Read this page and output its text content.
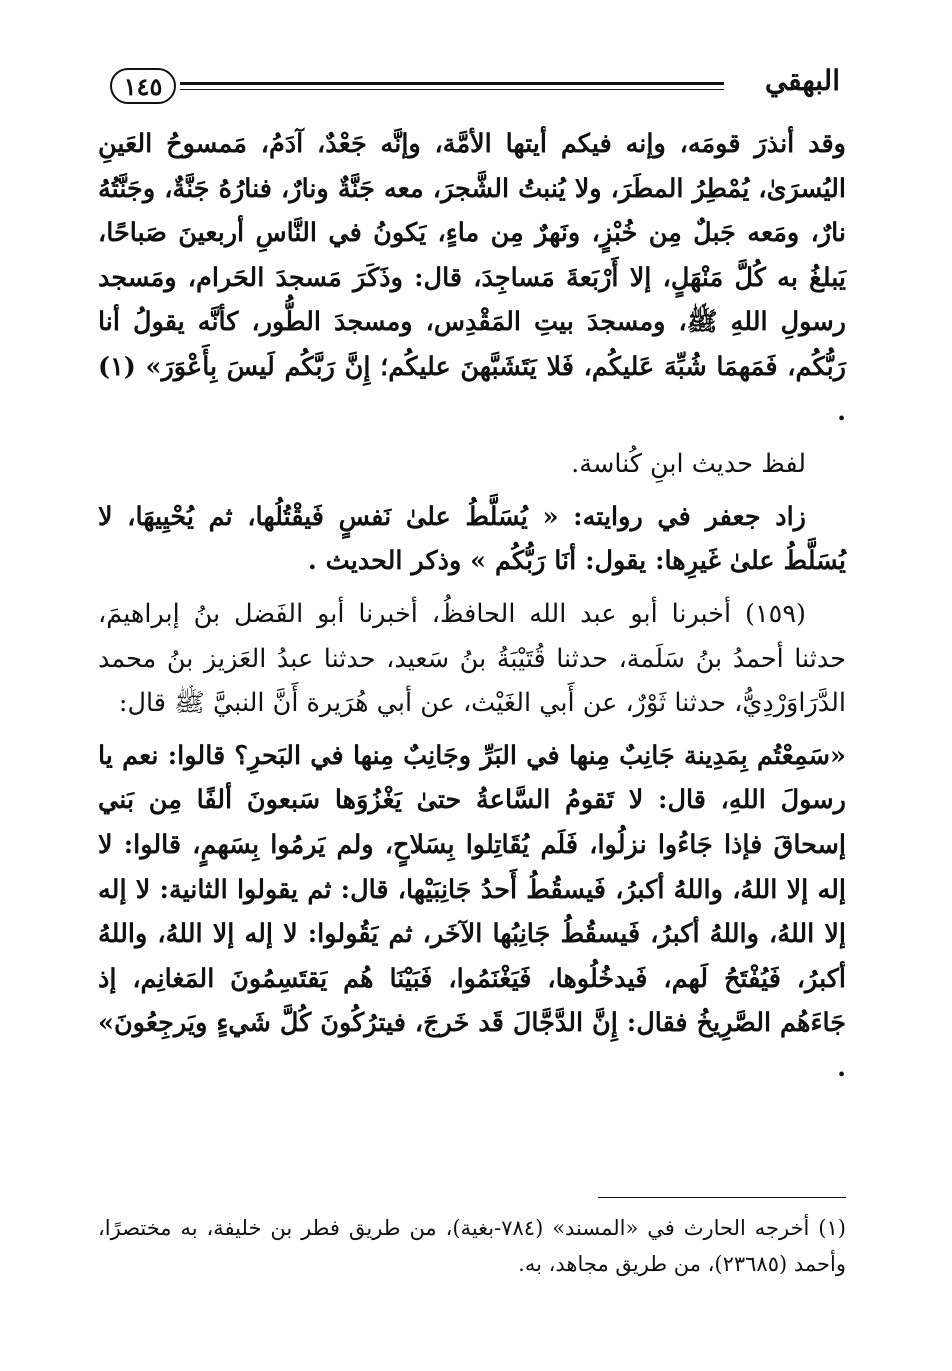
١٤٥	البهقي

وقد أنذرَ قومَه، وإنه فيكم أيتها الأمَّة، وإنَّه جَعْدٌ، آدَمُ، مَمسوحُ العَينِ اليُسرَىٰ، يُمْطِرُ المطَرَ، ولا يُنبتُ الشَّجرَ، معه جَنَّةٌ ونارٌ، فنارُهُ جَنَّةٌ، وجَنَّتُهُ نارٌ، ومَعه جَبلٌ مِن خُبْزٍ، ونَهرٌ مِن ماءٍ، يَكونُ في النَّاسِ أربعينَ صَباحًا، يَبلغُ به كُلَّ مَنْهَلٍ، إلا أَرْبَعةَ مَساجِدَ، قال: وذَكَرَ مَسجدَ الحَرام، ومَسجد رسولِ اللهِ ﷺ، ومسجدَ بيتِ المَقْدِس، ومسجدَ الطُّور، كأنَّه يقولُ أنا رَبُّكُم، فَمَهمَا شُبِّهَ عَليكُم، فَلا يَتَشَبَّهنَ عليكُم؛ إِنَّ رَبَّكُم لَيسَ بِأَعْوَرَ» (١) .

لفظ حديث ابنِ كُناسة.

زاد جعفر في روايته: « يُسَلَّطُ علىٰ نَفسٍ فَيقْتُلُها، ثم يُحْيِيهَا، لا يُسَلَّطُ علىٰ غَيرِها: يقول: أنَا رَبُّكُم » وذكر الحديث .

(١٥٩) أخبرنا أبو عبد الله الحافظُ، أخبرنا أبو الفَضل بنُ إبراهيمَ، حدثنا أحمدُ بنُ سَلَمة، حدثنا قُتَيْبَةُ بنُ سَعيد، حدثنا عبدُ العَزيز بنُ محمد الدَّرَاوَرْدِيُّ، حدثنا ثَوْرٌ، عن أَبي الغَيْث، عن أبي هُرَيرة أَنَّ النبيَّ ﷺ قال:

«سَمِعْتُم بِمَدِينة جَانِبٌ مِنها في البَرِّ وجَانِبٌ مِنها في البَحرِ؟ قالوا: نعم يا رسولَ اللهِ، قال: لا تَقومُ السَّاعةُ حتىٰ يَغْزُوَها سَبعونَ ألفًا مِن بَني إسحاقَ فإذا جَاءُوا نزلُوا، فَلَم يُقَاتِلوا بِسَلاحٍ، ولم يَرمُوا بِسَهمٍ، قالوا: لا إله إلا اللهُ، واللهُ أكبرُ، فَيسقُطُ أَحدُ جَانِبَيْها، قال: ثم يقولوا الثانية: لا إله إلا اللهُ، واللهُ أكبرُ، فَيسقُطُ جَانِبُها الآخَر، ثم يَقُولوا: لا إله إلا اللهُ، واللهُ أكبرُ، فَيُفْتَحُ لَهم، فَيدخُلُوها، فَيَغْنَمُوا، فَبَيْنَا هُم يَقتَسِمُونَ المَغانِم، إذ جَاءَهُم الصَّرِيخُ فقال: إِنَّ الدَّجَّالَ قَد خَرجَ، فيترُكُونَ كُلَّ شَيءٍ ويَرجِعُونَ» .

(١) أخرجه الحارث في «المسند» (٧٨٤-بغية)، من طريق فطر بن خليفة، به مختصرًا، وأحمد (٢٣٦٨٥)، من طريق مجاهد، به.
